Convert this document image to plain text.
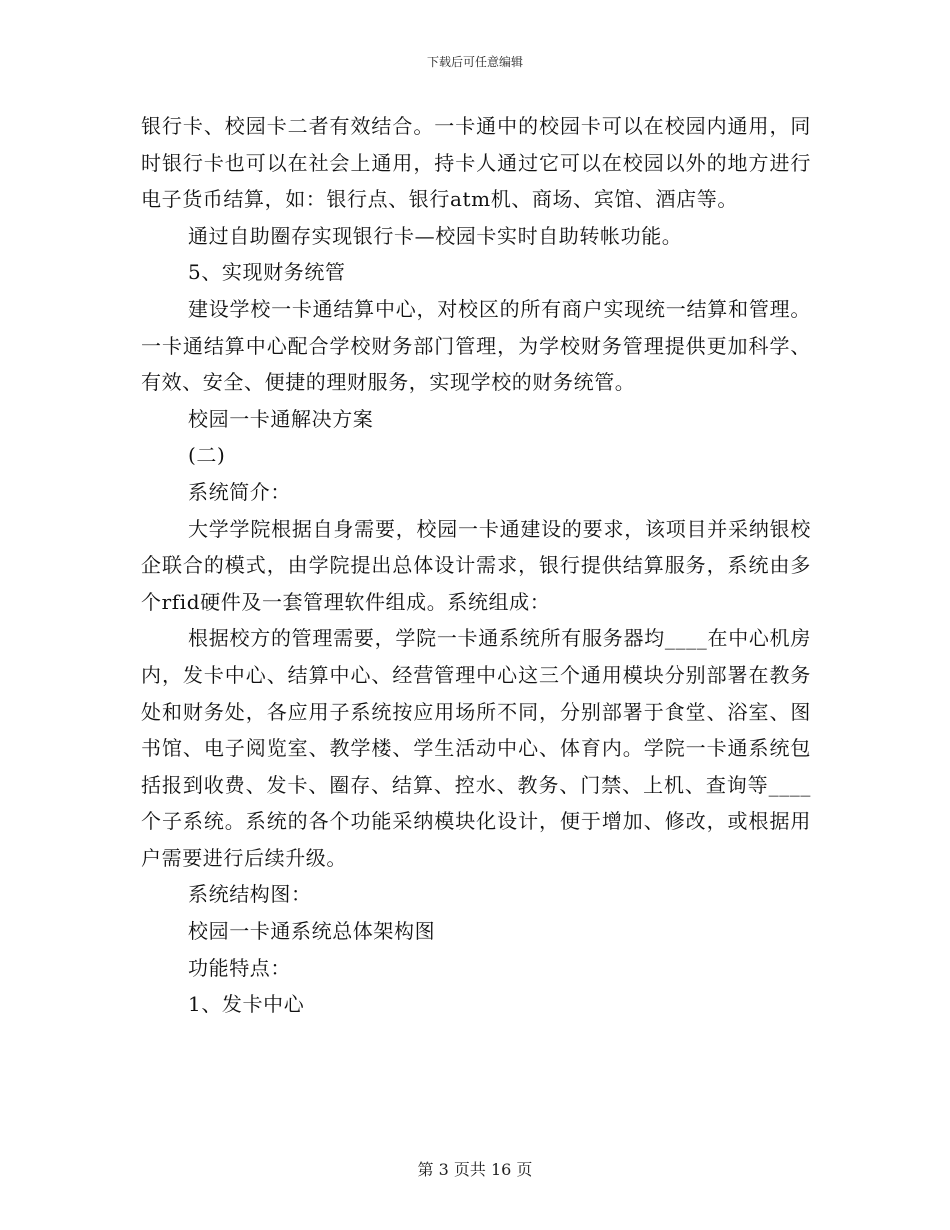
下载后可任意编辑

银行卡、校园卡二者有效结合。一卡通中的校园卡可以在校园内通用，同时银行卡也可以在社会上通用，持卡人通过它可以在校园以外的地方进行电子货币结算，如：银行点、银行atm机、商场、宾馆、酒店等。

通过自助圈存实现银行卡—校园卡实时自助转帐功能。

5、实现财务统管

建设学校一卡通结算中心，对校区的所有商户实现统一结算和管理。一卡通结算中心配合学校财务部门管理，为学校财务管理提供更加科学、有效、安全、便捷的理财服务，实现学校的财务统管。

校园一卡通解决方案

(二)

系统简介：

大学学院根据自身需要，校园一卡通建设的要求，该项目并采纳银校企联合的模式，由学院提出总体设计需求，银行提供结算服务，系统由多个rfid硬件及一套管理软件组成。系统组成：

根据校方的管理需要，学院一卡通系统所有服务器均____在中心机房内，发卡中心、结算中心、经营管理中心这三个通用模块分别部署在教务处和财务处，各应用子系统按应用场所不同，分别部署于食堂、浴室、图书馆、电子阅览室、教学楼、学生活动中心、体育内。学院一卡通系统包括报到收费、发卡、圈存、结算、控水、教务、门禁、上机、查询等____个子系统。系统的各个功能采纳模块化设计，便于增加、修改，或根据用户需要进行后续升级。

系统结构图：

校园一卡通系统总体架构图

功能特点：

1、发卡中心

第 3 页共 16 页
